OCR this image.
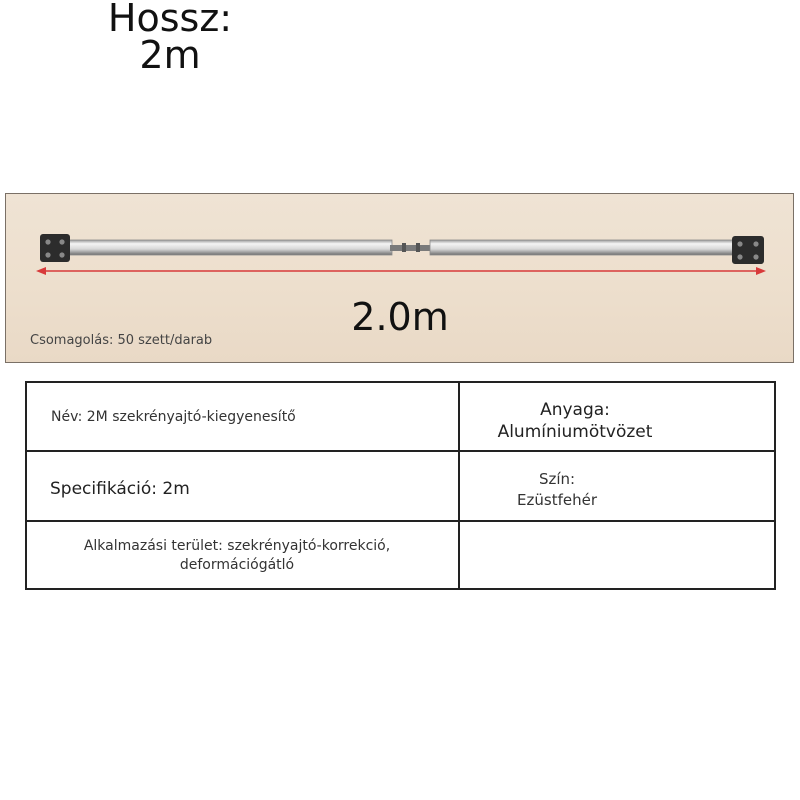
Hossz:
2m
2.0m
Csomagolás: 50 szett/darab
Név: 2M szekrényajtó-kiegyenesítő	Anyaga:
Alumíniumötvözet
Specifikáció: 2m	Szín:
Ezüstfehér
Alkalmazási terület: szekrényajtó-korrekció,
deformációgátló
